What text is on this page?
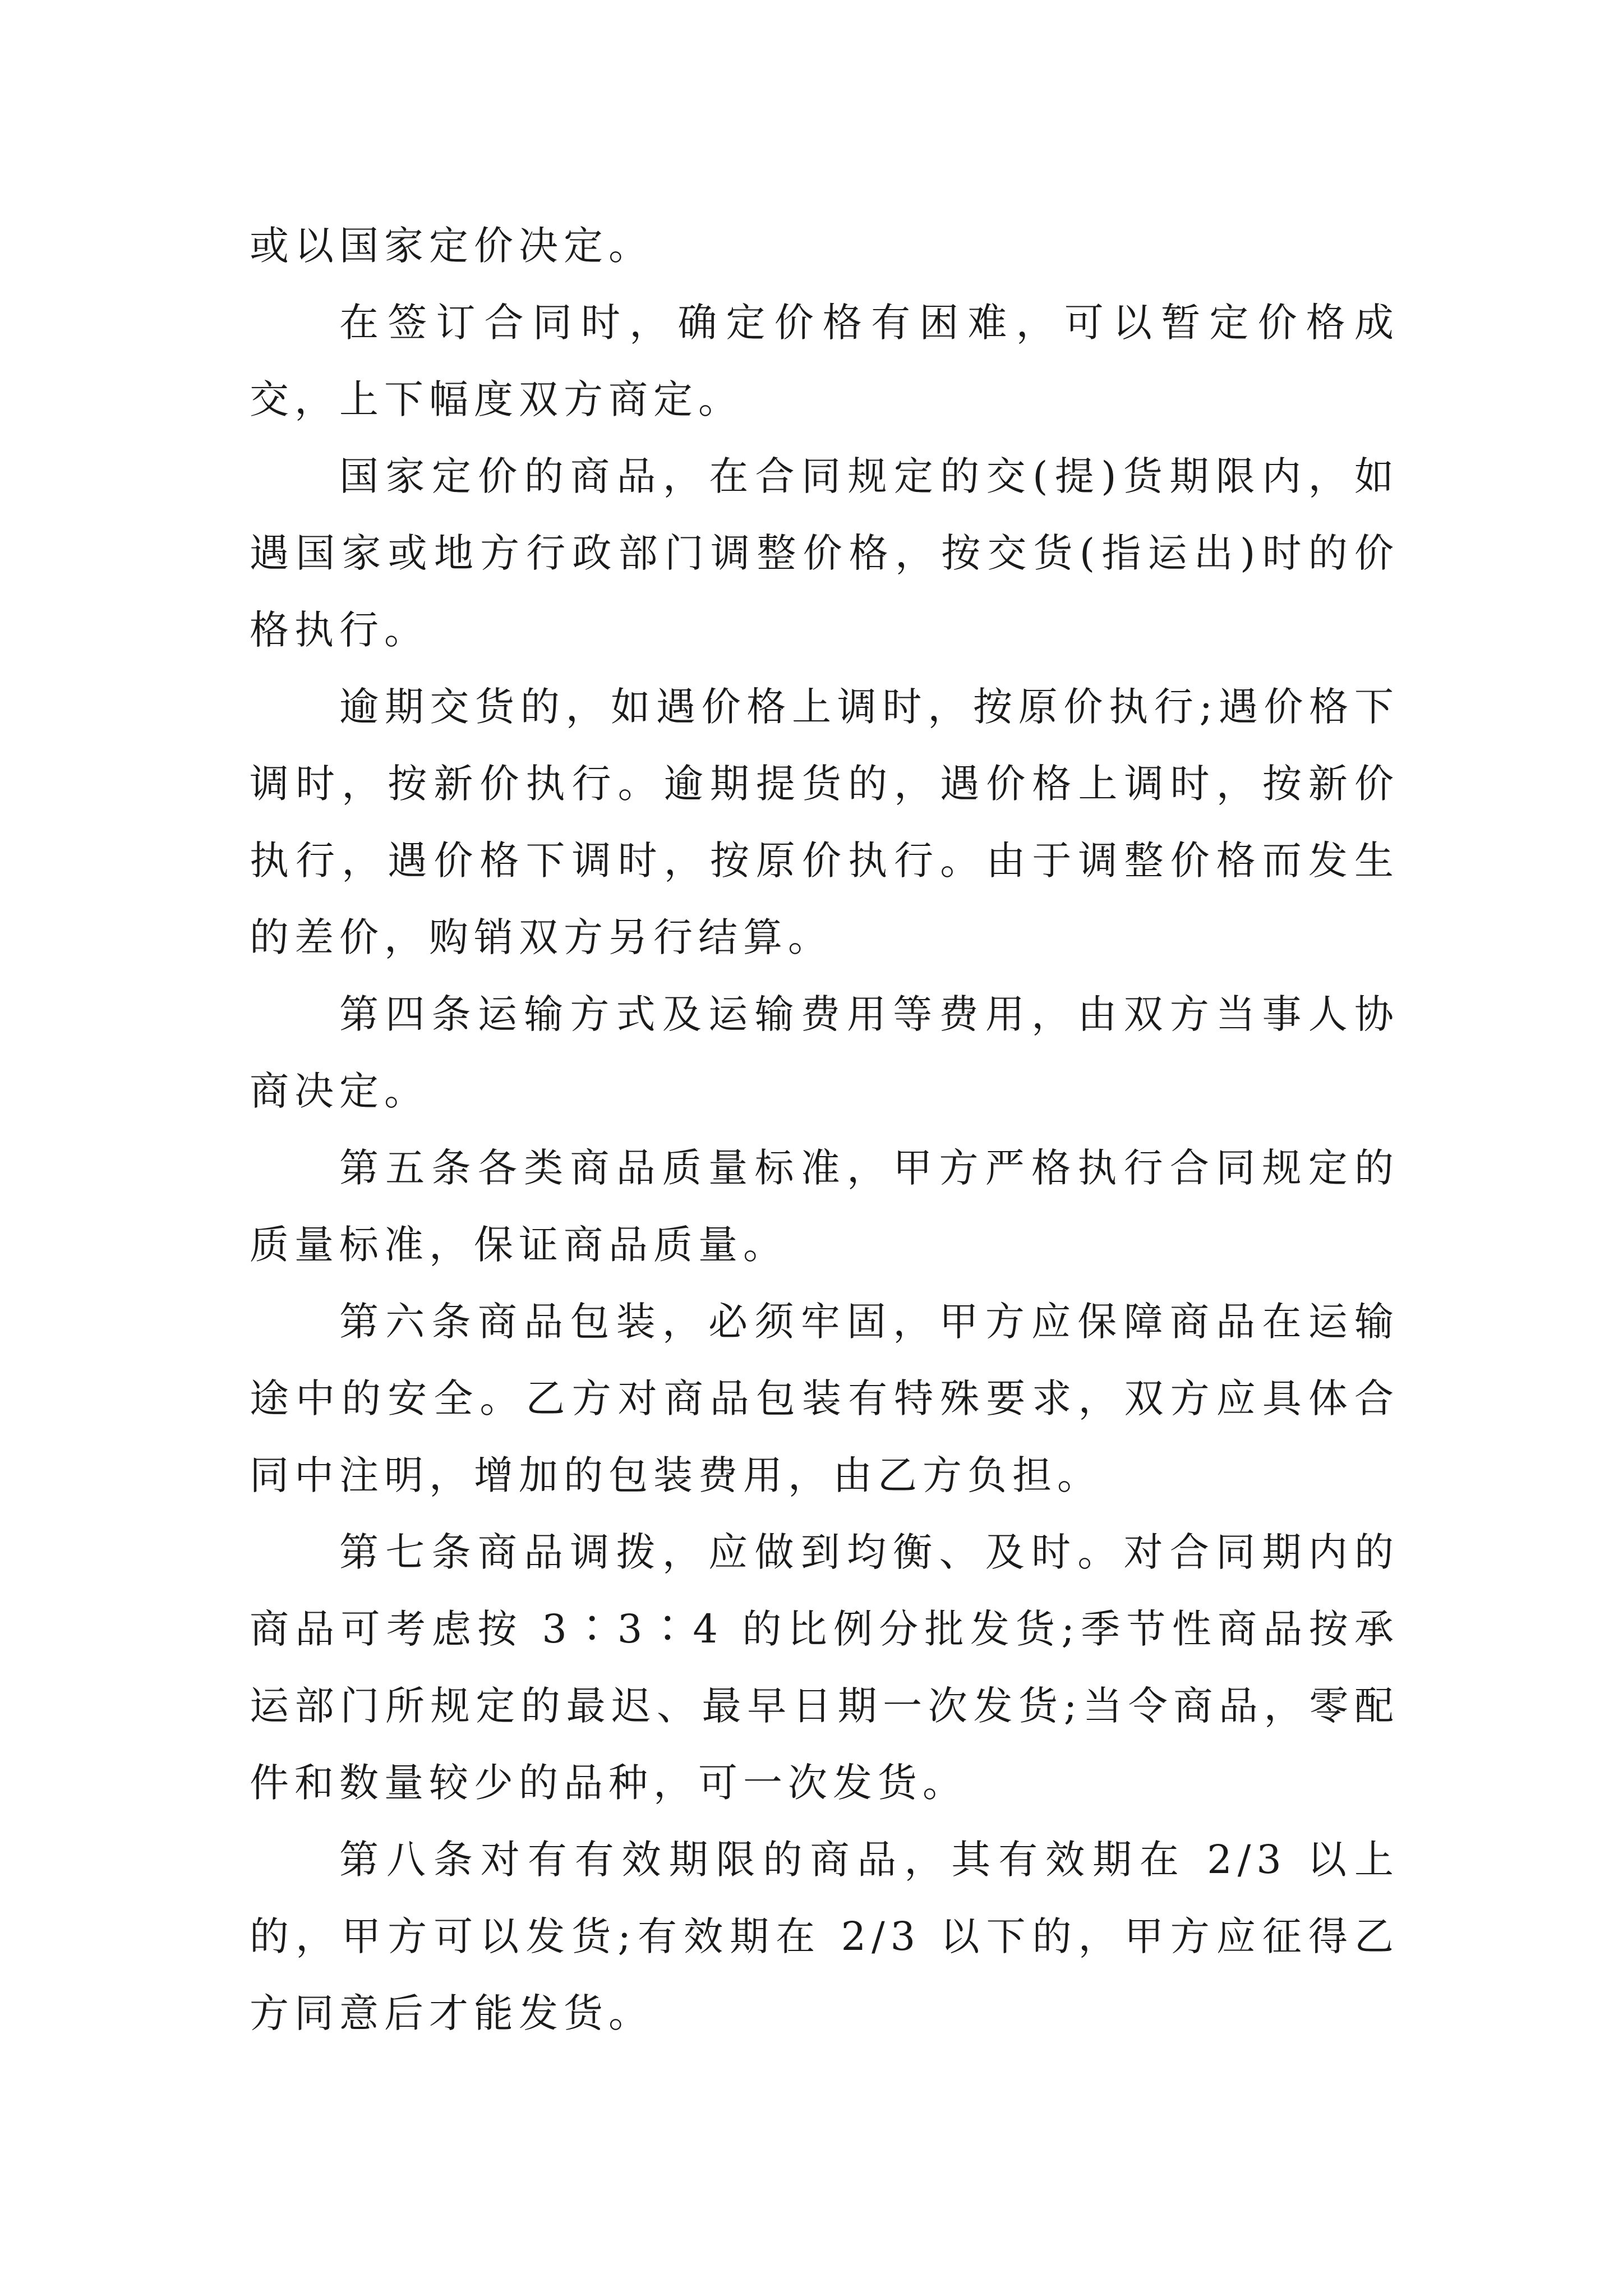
或以国家定价决定。

在签订合同时，确定价格有困难，可以暂定价格成交，上下幅度双方商定。

国家定价的商品，在合同规定的交(提)货期限内，如遇国家或地方行政部门调整价格，按交货(指运出)时的价格执行。

逾期交货的，如遇价格上调时，按原价执行;遇价格下调时，按新价执行。逾期提货的，遇价格上调时，按新价执行，遇价格下调时，按原价执行。由于调整价格而发生的差价，购销双方另行结算。

第四条运输方式及运输费用等费用，由双方当事人协商决定。

第五条各类商品质量标准，甲方严格执行合同规定的质量标准，保证商品质量。

第六条商品包装，必须牢固，甲方应保障商品在运输途中的安全。乙方对商品包装有特殊要求，双方应具体合同中注明，增加的包装费用，由乙方负担。

第七条商品调拨，应做到均衡、及时。对合同期内的商品可考虑按 3∶3∶4 的比例分批发货;季节性商品按承运部门所规定的最迟、最早日期一次发货;当令商品，零配件和数量较少的品种，可一次发货。

第八条对有有效期限的商品，其有效期在 2/3 以上的，甲方可以发货;有效期在 2/3 以下的，甲方应征得乙方同意后才能发货。
